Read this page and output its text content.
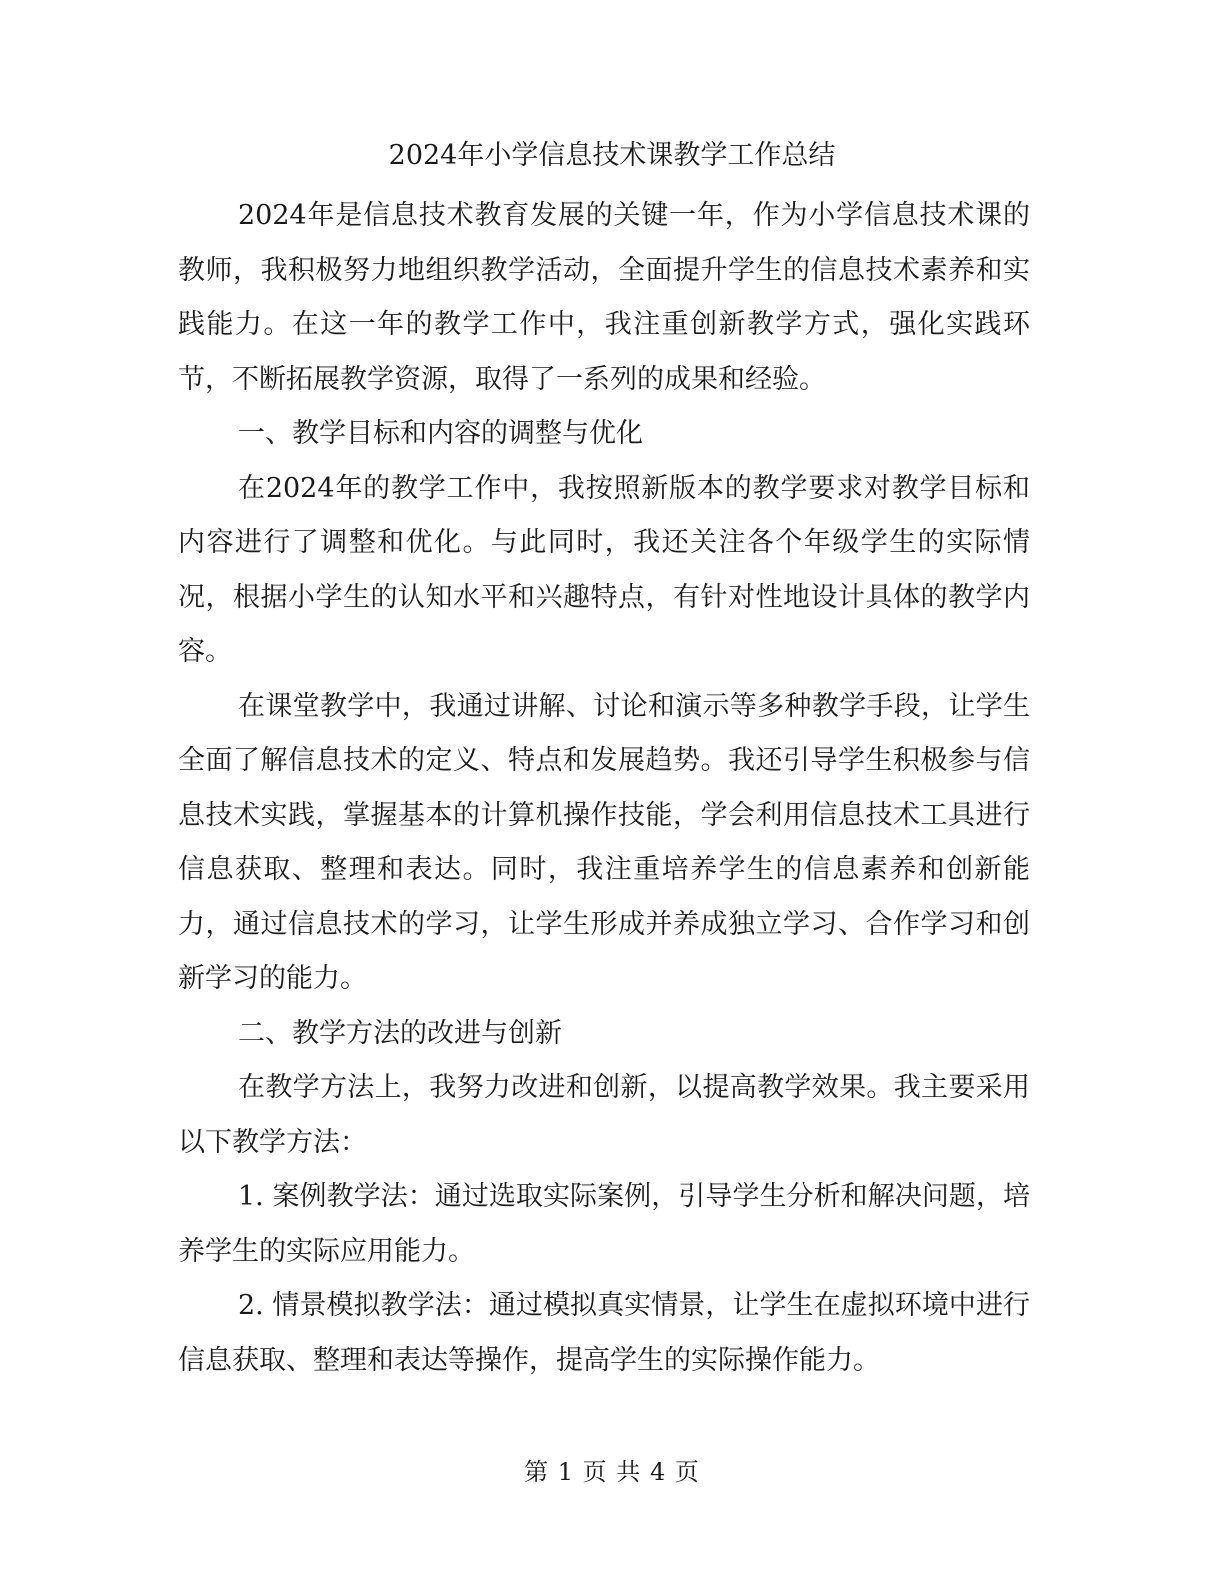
2024年小学信息技术课教学工作总结

2024年是信息技术教育发展的关键一年，作为小学信息技术课的教师，我积极努力地组织教学活动，全面提升学生的信息技术素养和实践能力。在这一年的教学工作中，我注重创新教学方式，强化实践环节，不断拓展教学资源，取得了一系列的成果和经验。

一、教学目标和内容的调整与优化

在2024年的教学工作中，我按照新版本的教学要求对教学目标和内容进行了调整和优化。与此同时，我还关注各个年级学生的实际情况，根据小学生的认知水平和兴趣特点，有针对性地设计具体的教学内容。

在课堂教学中，我通过讲解、讨论和演示等多种教学手段，让学生全面了解信息技术的定义、特点和发展趋势。我还引导学生积极参与信息技术实践，掌握基本的计算机操作技能，学会利用信息技术工具进行信息获取、整理和表达。同时，我注重培养学生的信息素养和创新能力，通过信息技术的学习，让学生形成并养成独立学习、合作学习和创新学习的能力。

二、教学方法的改进与创新

在教学方法上，我努力改进和创新，以提高教学效果。我主要采用以下教学方法：

1. 案例教学法：通过选取实际案例，引导学生分析和解决问题，培养学生的实际应用能力。

2. 情景模拟教学法：通过模拟真实情景，让学生在虚拟环境中进行信息获取、整理和表达等操作，提高学生的实际操作能力。

第 1 页 共 4 页
